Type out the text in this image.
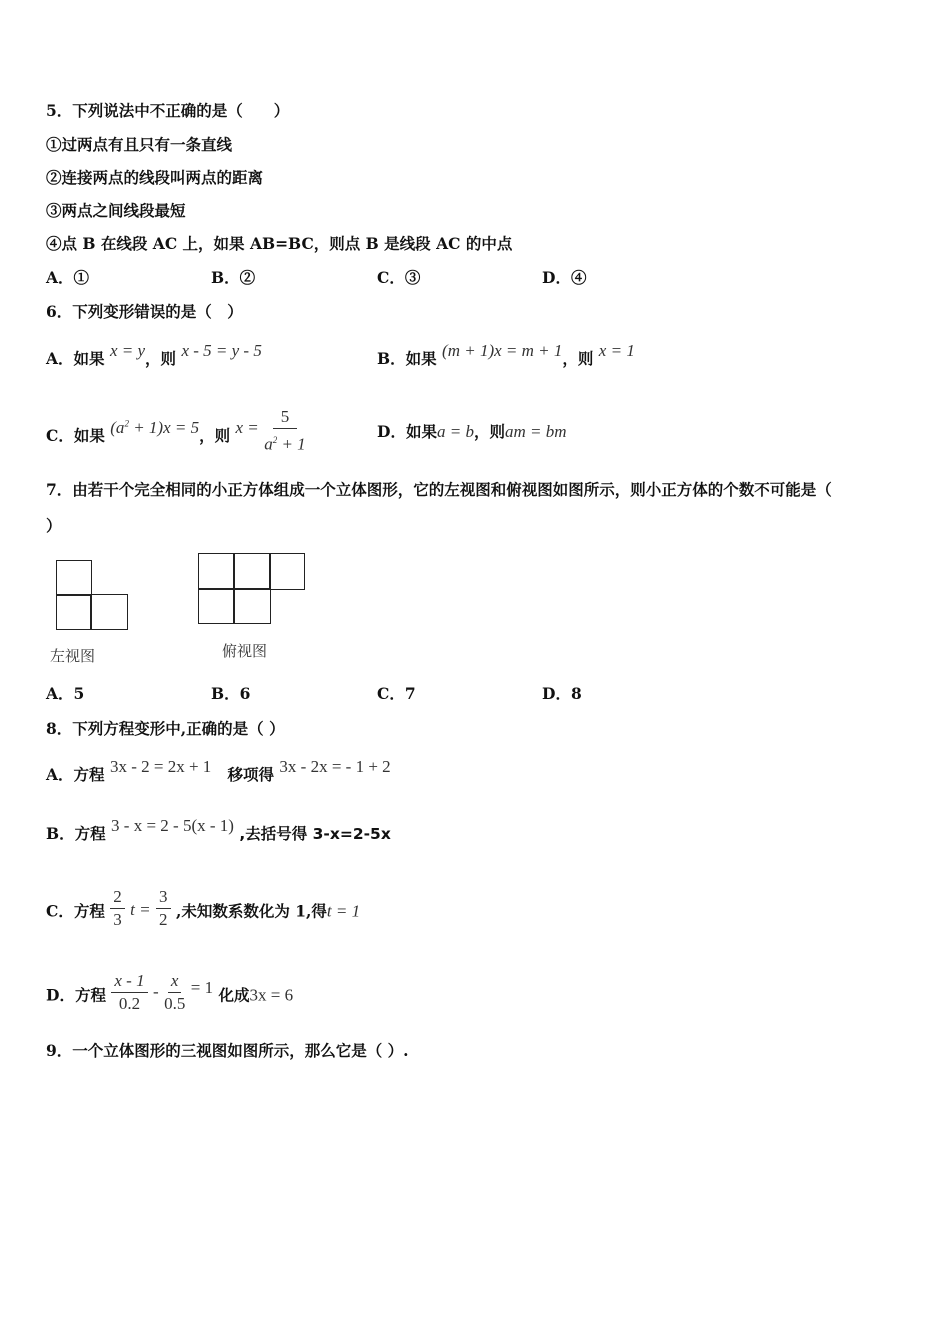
5．下列说法中不正确的是（　　）
①过两点有且只有一条直线
②连接两点的线段叫两点的距离
③两点之间线段最短
④点 B 在线段 AC 上，如果 AB=BC，则点 B 是线段 AC 的中点
A．①	B．②	C．③	D．④
6．下列变形错误的是（　）
A．如果 x = y，则 x - 5 = y - 5	B．如果 (m + 1)x = m + 1，则 x = 1
C．如果 $(a^2 + 1)x = 5$，则 $x = \frac{5}{a^2 + 1}$	D．如果a = b，则am = bm
7．由若干个完全相同的小正方体组成一个立体图形，它的左视图和俯视图如图所示，则小正方体的个数不可能是（
）
左视图	俯视图
A．5	B．6	C．7	D．8
8．下列方程变形中,正确的是（ ）
A．方程 3x - 2 = 2x + 1 移项得 3x - 2x = - 1 + 2
B．方程 3 - x = 2 - 5(x - 1) ,去括号得 3-x=2-5x
C．方程 $\frac{2}{3}$ $t = \frac{3}{2}$ ,未知数系数化为 1,得t = 1
D．方程 $\frac{x - 1}{0.2} - \frac{x}{0.5} = 1$ 化成3x = 6
9．一个立体图形的三视图如图所示，那么它是（ ）.
